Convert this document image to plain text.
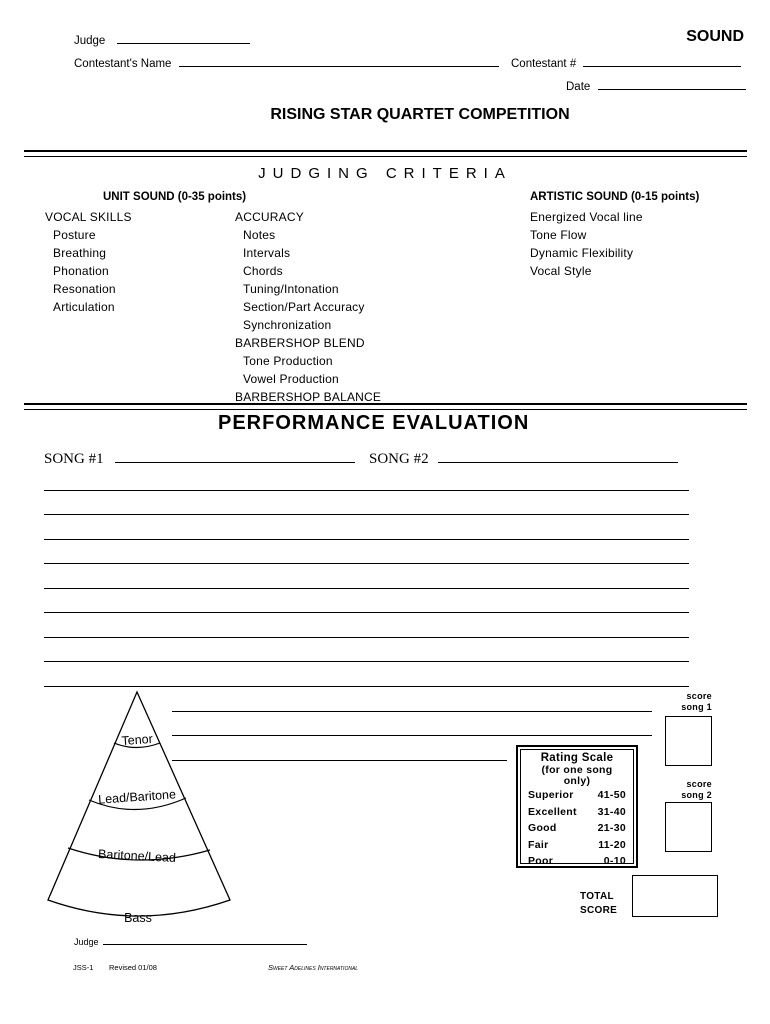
Judge	SOUND
Contestant's Name	Contestant #
Date
RISING STAR QUARTET COMPETITION
JUDGING CRITERIA
UNIT SOUND (0-35 points)	ARTISTIC SOUND (0-15 points)
VOCAL SKILLS
Posture
Breathing
Phonation
Resonation
Articulation
ACCURACY
Notes
Intervals
Chords
Tuning/Intonation
Section/Part Accuracy
Synchronization
BARBERSHOP BLEND
Tone Production
Vowel Production
BARBERSHOP BALANCE
Energized Vocal line
Tone Flow
Dynamic Flexibility
Vocal Style
PERFORMANCE EVALUATION
SONG #1	SONG #2
Tenor
Lead/Baritone
Baritone/Lead
Bass
score
song 1
score
song 2
TOTAL
SCORE
Rating Scale
(for one song only)
Superior 41-50
Excellent 31-40
Good	21-30
Fair	11-20
Poor	0-10
Judge
JSS-1 Revised 01/08	Sweet Adelines International
